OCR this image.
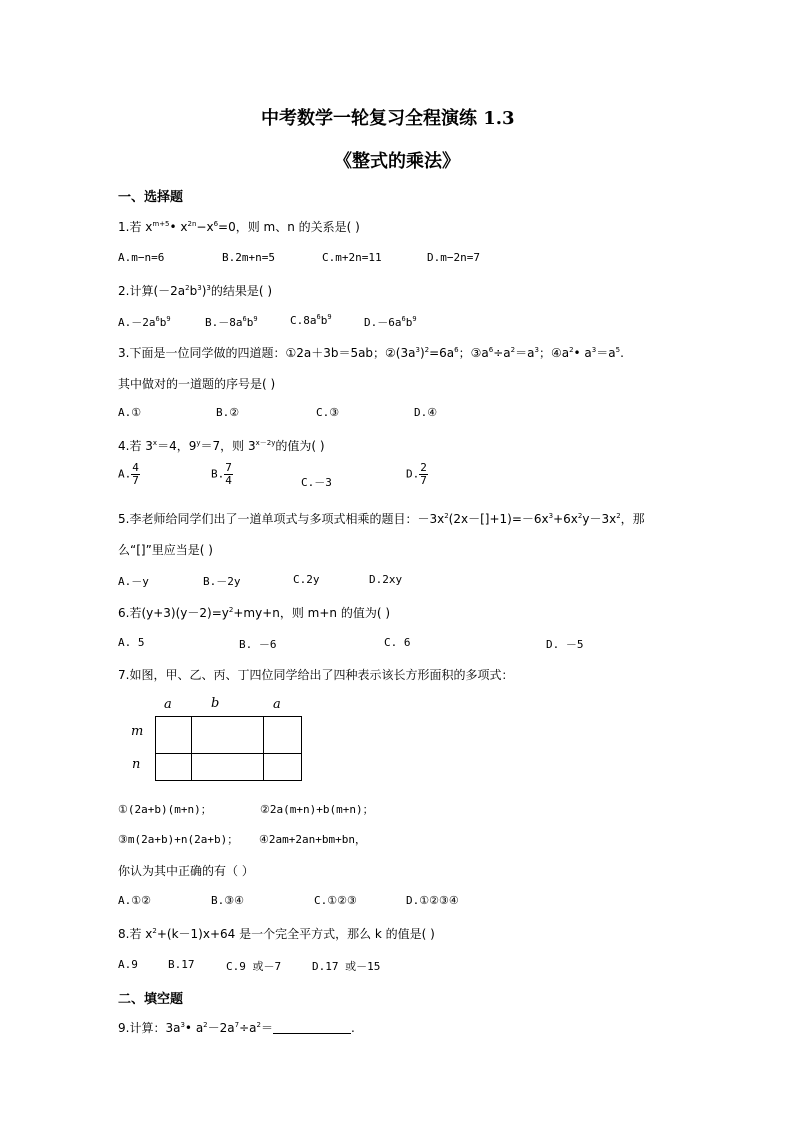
中考数学一轮复习全程演练 1.3
《整式的乘法》
一、选择题
1.若 $x^{m+5}•$ $x^{2n}-x^6=0$，则 m、n 的关系是( )
A.m−n=6	B.2m+n=5	C.m+2n=11	D.m−2n=7
2.计算$(-2a^2b^3)^3$的结果是( )
$A.-2a^6b^9$	$B.-8a^6b^9$	$C.8a^6b^9$	$D.-6a^6b^9$
3.下面是一位同学做的四道题：①2a＋3b＝5ab；$②(3a^3)^2=6a^6$；$③a^6\div a^2=a^3$；$④a^2•$ $a^3=a^5$.
其中做对的一道题的序号是( )
A.①	B.②	C.③	D.④
4.若 $3^x=4$，$9^y=7$，则 $3^{x-2y}$的值为( )
A. $\frac{4}{7}$	B. $\frac{7}{4}$	C.－3
D. $\frac{2}{7}$
5.李老师给同学们出了一道单项式与多项式相乘的题目：$-3x^2(2x-[]+1)=-6x^3+6x^2y-3x^2$，那
么“[]”里应当是( )
A.－y	B.－2y	C.2y	D.2xy
6.若$(y+3)(y-2)=y^2+my+n$，则 m+n 的值为( )
A. 5	B. －6	C. 6	D. －5
7.如图，甲、乙、丙、丁四位同学给出了四种表示该长方形面积的多项式：
a	b	a
m
n
①(2a+b)(m+n)；	②2a(m+n)+b(m+n)；
③m(2a+b)+n(2a+b)； ④2am+2an+bm+bn，
你认为其中正确的有（ ）
A.①②	B.③④	C.①②③	D.①②③④
8.若 $x^2+(k-1)x+64$ 是一个完全平方式，那么 k 的值是( )
A.9	B.17	C.9 或－7	D.17 或－15
二、填空题
9.计算：$3a^3•$ $a^2-2a^7\div a^2=$	.
